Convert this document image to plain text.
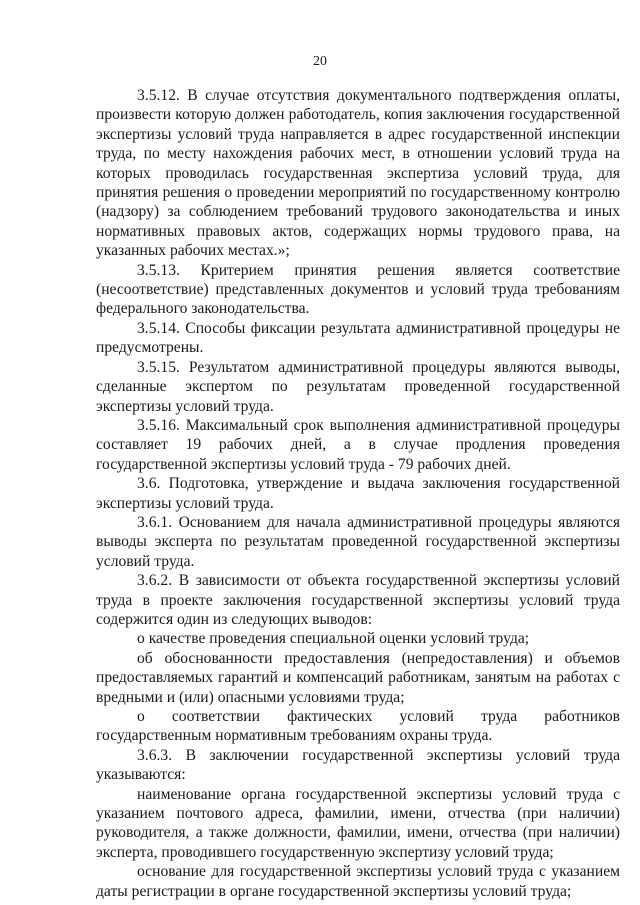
20

3.5.12. В случае отсутствия документального подтверждения оплаты, произвести которую должен работодатель, копия заключения государственной экспертизы условий труда направляется в адрес государственной инспекции труда, по месту нахождения рабочих мест, в отношении условий труда на которых проводилась государственная экспертиза условий труда, для принятия решения о проведении мероприятий по государственному контролю (надзору) за соблюдением требований трудового законодательства и иных нормативных правовых актов, содержащих нормы трудового права, на указанных рабочих местах.»;

3.5.13. Критерием принятия решения является соответствие (несоответствие) представленных документов и условий труда требованиям федерального законодательства.

3.5.14. Способы фиксации результата административной процедуры не предусмотрены.

3.5.15. Результатом административной процедуры являются выводы, сделанные экспертом по результатам проведенной государственной экспертизы условий труда.

3.5.16. Максимальный срок выполнения административной процедуры составляет 19 рабочих дней, а в случае продления проведения государственной экспертизы условий труда - 79 рабочих дней.

3.6. Подготовка, утверждение и выдача заключения государственной экспертизы условий труда.

3.6.1. Основанием для начала административной процедуры являются выводы эксперта по результатам проведенной государственной экспертизы условий труда.

3.6.2. В зависимости от объекта государственной экспертизы условий труда в проекте заключения государственной экспертизы условий труда содержится один из следующих выводов:

о качестве проведения специальной оценки условий труда;

об обоснованности предоставления (непредоставления) и объемов предоставляемых гарантий и компенсаций работникам, занятым на работах с вредными и (или) опасными условиями труда;

о соответствии фактических условий труда работников государственным нормативным требованиям охраны труда.

3.6.3. В заключении государственной экспертизы условий труда указываются:

наименование органа государственной экспертизы условий труда с указанием почтового адреса, фамилии, имени, отчества (при наличии) руководителя, а также должности, фамилии, имени, отчества (при наличии) эксперта, проводившего государственную экспертизу условий труда;

основание для государственной экспертизы условий труда с указанием даты регистрации в органе государственной экспертизы условий труда;
